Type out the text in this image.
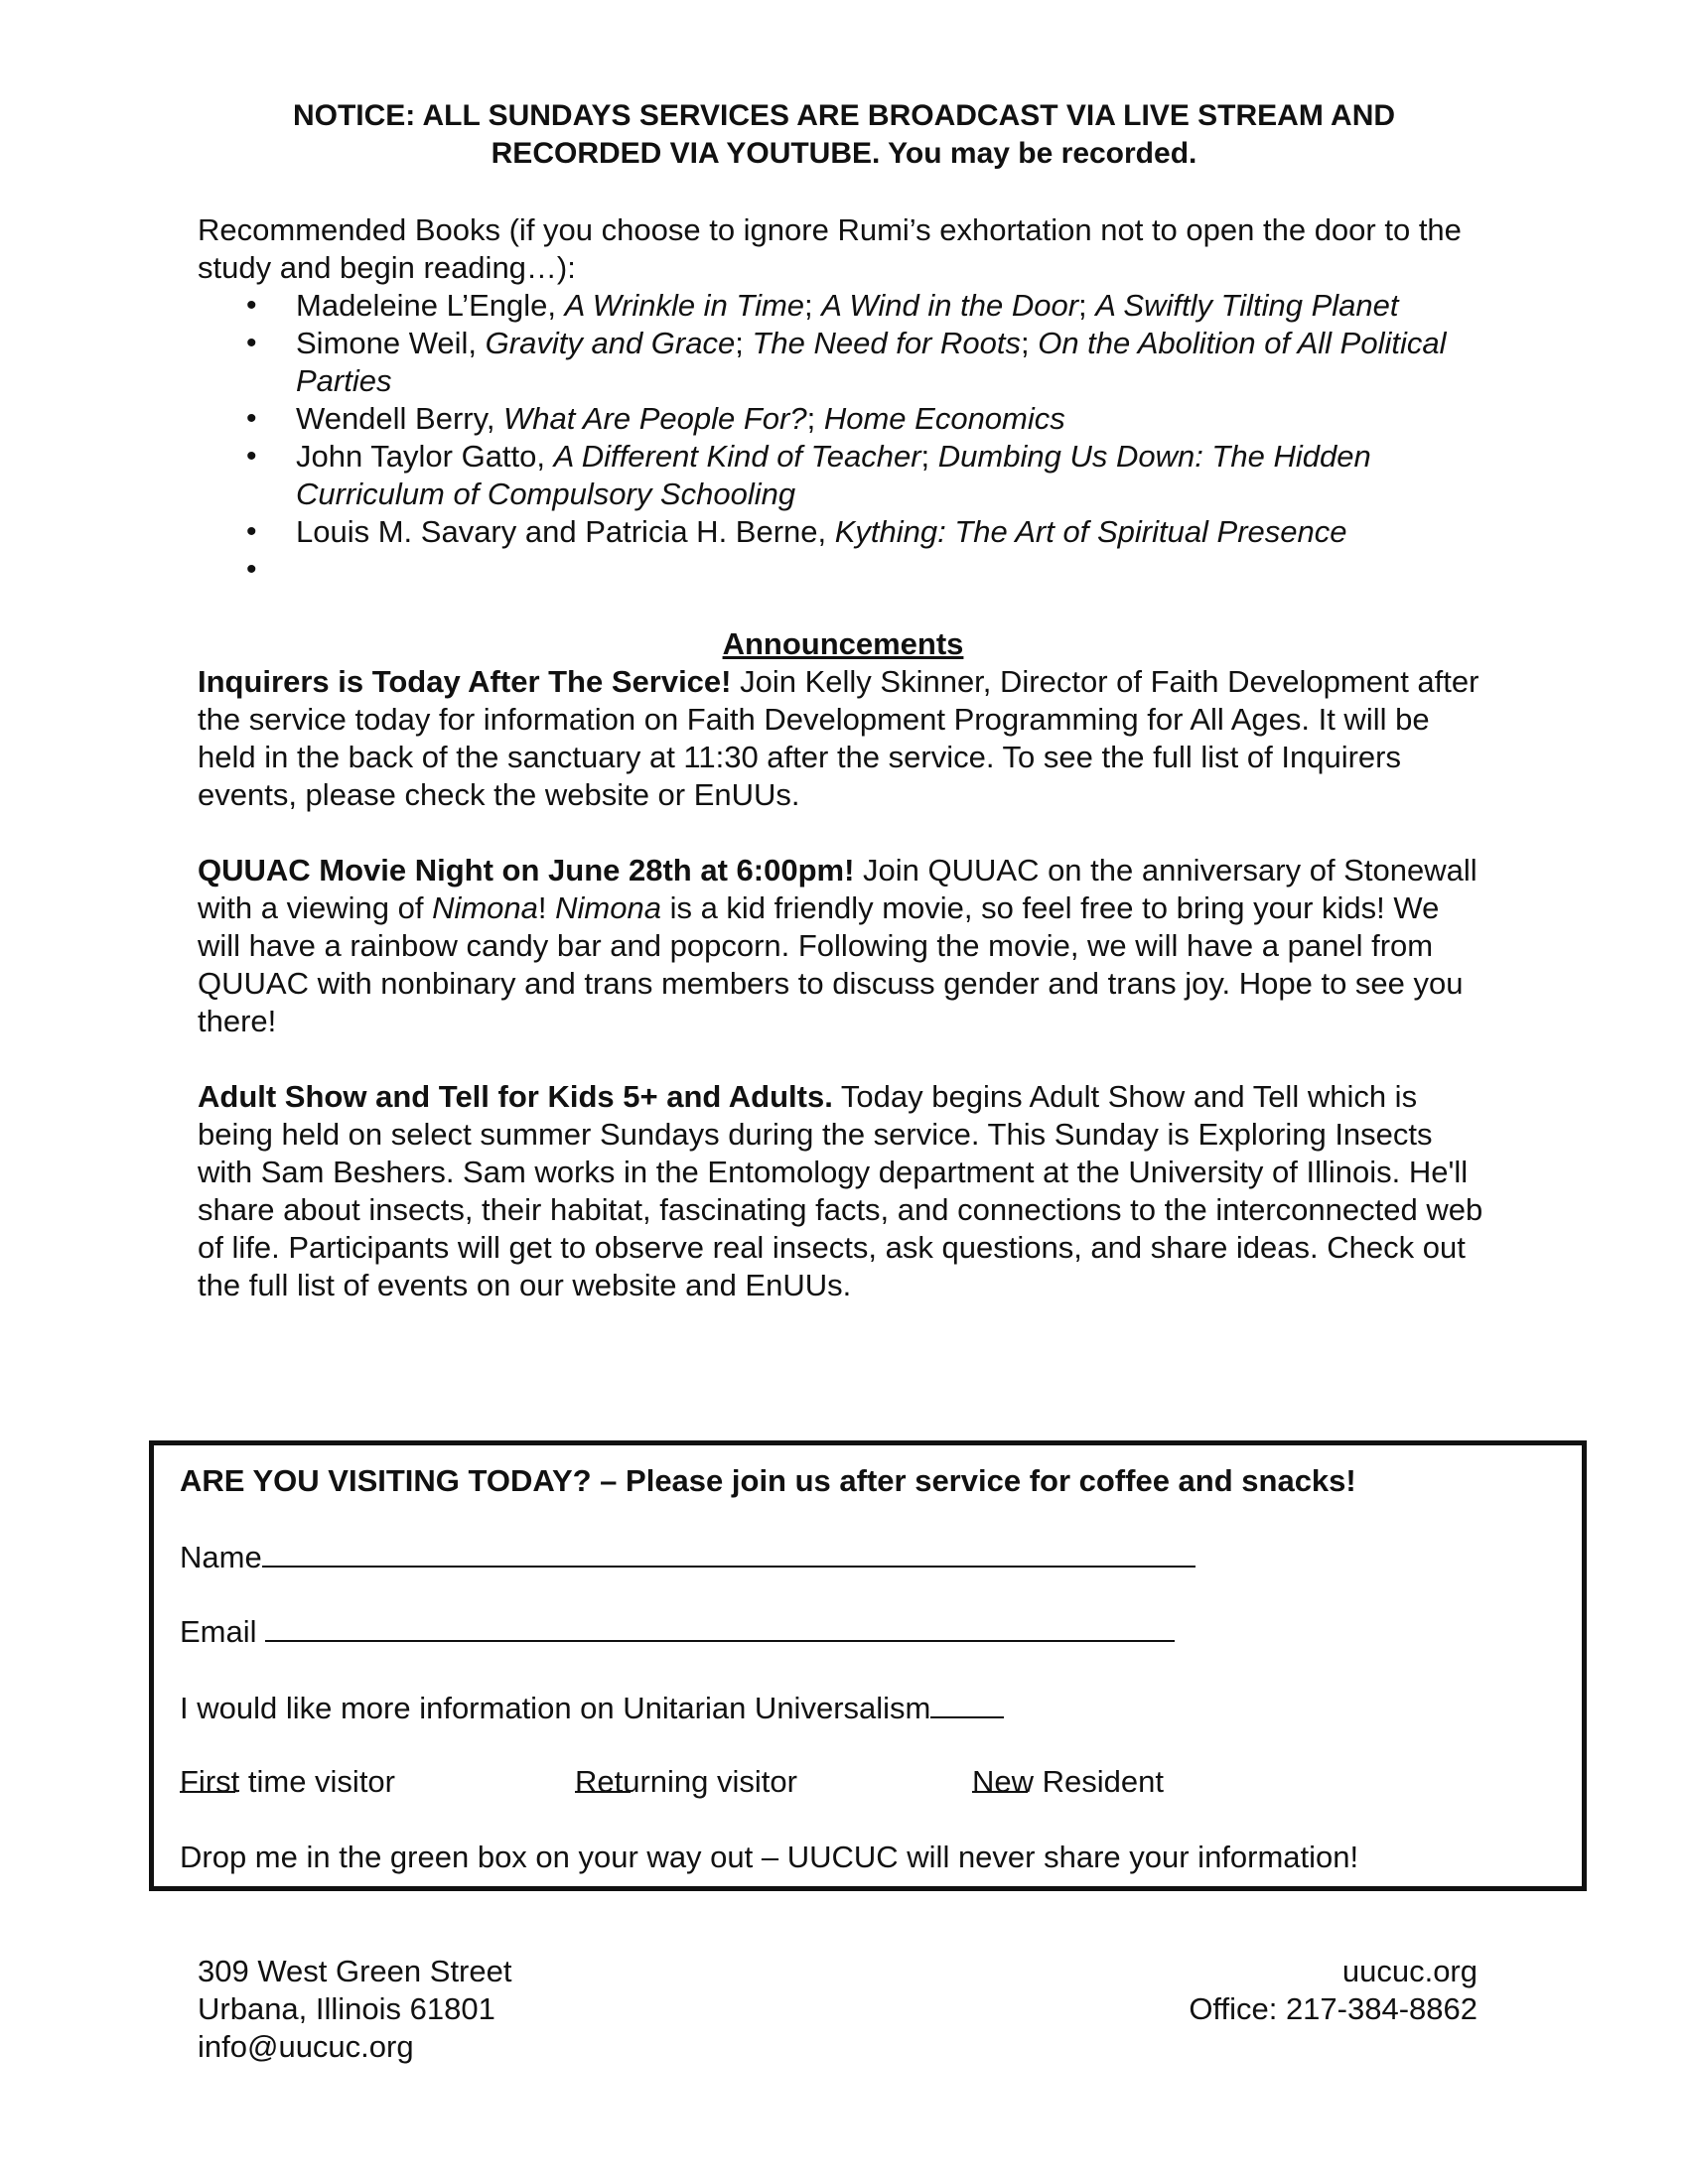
NOTICE: ALL SUNDAYS SERVICES ARE BROADCAST VIA LIVE STREAM AND
RECORDED VIA YOUTUBE. You may be recorded.
Recommended Books (if you choose to ignore Rumi’s exhortation not to open the door to the study and begin reading…):
• Madeleine L’Engle, A Wrinkle in Time; A Wind in the Door; A Swiftly Tilting Planet
• Simone Weil, Gravity and Grace; The Need for Roots; On the Abolition of All Political Parties
• Wendell Berry, What Are People For?; Home Economics
• John Taylor Gatto, A Different Kind of Teacher; Dumbing Us Down: The Hidden Curriculum of Compulsory Schooling
• Louis M. Savary and Patricia H. Berne, Kything: The Art of Spiritual Presence
•
Announcements

Inquirers is Today After The Service! Join Kelly Skinner, Director of Faith Development after the service today for information on Faith Development Programming for All Ages. It will be held in the back of the sanctuary at 11:30 after the service. To see the full list of Inquirers events, please check the website or EnUUs.

QUUAC Movie Night on June 28th at 6:00pm! Join QUUAC on the anniversary of Stonewall with a viewing of Nimona! Nimona is a kid friendly movie, so feel free to bring your kids! We will have a rainbow candy bar and popcorn. Following the movie, we will have a panel from QUUAC with nonbinary and trans members to discuss gender and trans joy. Hope to see you there!

Adult Show and Tell for Kids 5+ and Adults. Today begins Adult Show and Tell which is being held on select summer Sundays during the service. This Sunday is Exploring Insects with Sam Beshers. Sam works in the Entomology department at the University of Illinois. He'll share about insects, their habitat, fascinating facts, and connections to the interconnected web of life. Participants will get to observe real insects, ask questions, and share ideas. Check out the full list of events on our website and EnUUs.

ARE YOU VISITING TODAY? – Please join us after service for coffee and snacks!
Name
Email
I would like more information on Unitarian Universalism
First time visitor	Returning visitor	New Resident
Drop me in the green box on your way out – UUCUC will never share your information!
309 West Green Street
Urbana, Illinois 61801
info@uucuc.org
uucuc.org
Office: 217-384-8862
